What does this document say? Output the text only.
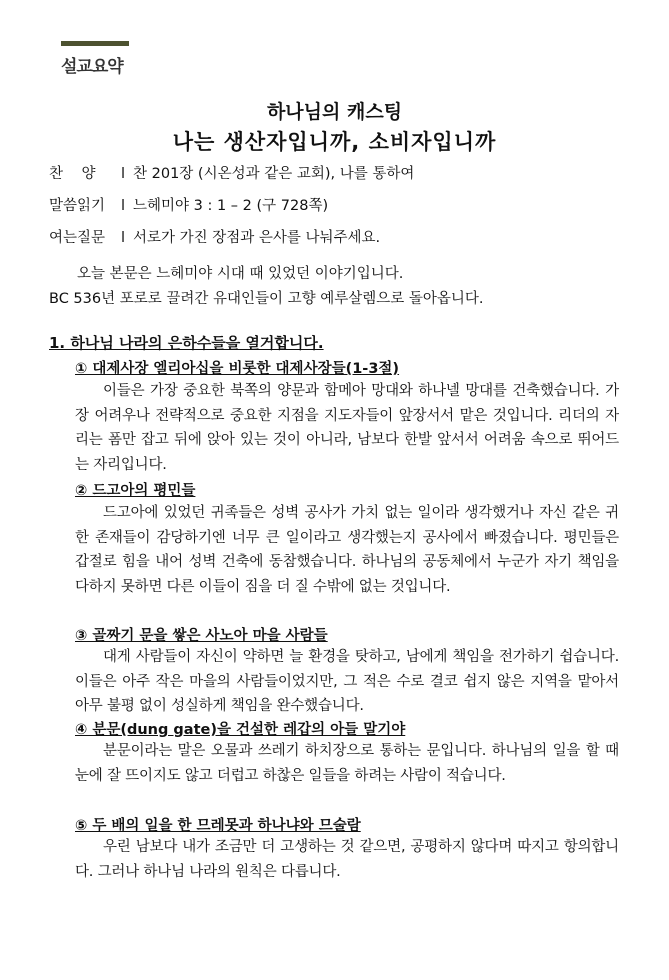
설교요약
하나님의 캐스팅
나는 생산자입니까, 소비자입니까
찬    양 l 찬 201장 (시온성과 같은 교회), 나를 통하여
말씀읽기 l 느헤미야 3 : 1 – 2 (구 728쪽)
여는질문 l 서로가 가진 장점과 은사를 나눠주세요.
오늘 본문은 느헤미야 시대 때 있었던 이야기입니다.
BC 536년 포로로 끌려간 유대인들이 고향 예루살렘으로 돌아옵니다.
1. 하나님 나라의 은하수들을 열거합니다.
① 대제사장 엘리아십을 비롯한 대제사장들(1-3절)
이들은 가장 중요한 북쪽의 양문과 함메아 망대와 하나넬 망대를 건축했습니다. 가장 어려우나 전략적으로 중요한 지점을 지도자들이 앞장서서 맡은 것입니다. 리더의 자리는 폼만 잡고 뒤에 앉아 있는 것이 아니라, 남보다 한발 앞서서 어려움 속으로 뛰어드는 자리입니다.
② 드고아의 평민들
드고아에 있었던 귀족들은 성벽 공사가 가치 없는 일이라 생각했거나 자신 같은 귀한 존재들이 감당하기엔 너무 큰 일이라고 생각했는지 공사에서 빠졌습니다. 평민들은 갑절로 힘을 내어 성벽 건축에 동참했습니다. 하나님의 공동체에서 누군가 자기 책임을 다하지 못하면 다른 이들이 짐을 더 질 수밖에 없는 것입니다.
③ 골짜기 문을 쌓은 사노아 마을 사람들
대게 사람들이 자신이 약하면 늘 환경을 탓하고, 남에게 책임을 전가하기 쉽습니다. 이들은 아주 작은 마을의 사람들이었지만, 그 적은 수로 결코 쉽지 않은 지역을 맡아서 아무 불평 없이 성실하게 책임을 완수했습니다.
④ 분문(dung gate)을 건설한 레갑의 아들 말기야
분문이라는 말은 오물과 쓰레기 하치장으로 통하는 문입니다. 하나님의 일을 할 때 눈에 잘 뜨이지도 않고 더럽고 하찮은 일들을 하려는 사람이 적습니다.
⑤ 두 배의 일을 한 므레못과 하나냐와 므술람
우린 남보다 내가 조금만 더 고생하는 것 같으면, 공평하지 않다며 따지고 항의합니다. 그러나 하나님 나라의 원칙은 다릅니다.
